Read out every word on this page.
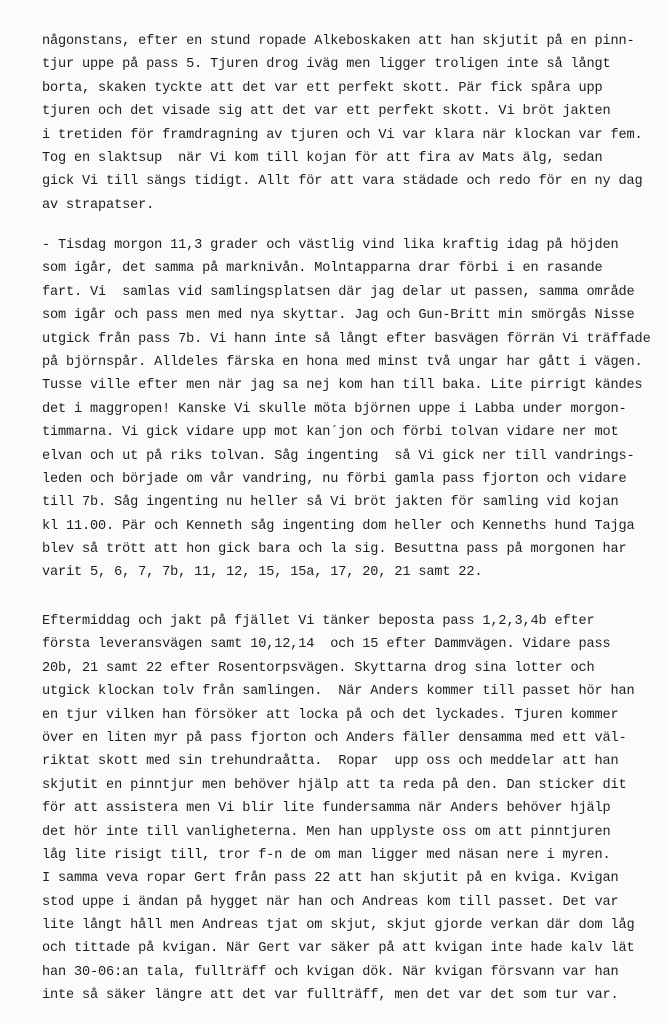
någonstans, efter en stund ropade Alkeboskaken att han skjutit på en pinn-
tjur uppe på pass 5. Tjuren drog iväg men ligger troligen inte så långt
borta, skaken tyckte att det var ett perfekt skott. Pär fick spåra upp
tjuren och det visade sig att det var ett perfekt skott. Vi bröt jakten
i tretiden för framdragning av tjuren och Vi var klara när klockan var fem.
Tog en slaktsup  när Vi kom till kojan för att fira av Mats älg, sedan
gick Vi till sängs tidigt. Allt för att vara städade och redo för en ny dag
av strapatser.
- Tisdag morgon 11,3 grader och västlig vind lika kraftig idag på höjden
som igår, det samma på marknivån. Molntapparna drar förbi i en rasande
fart. Vi  samlas vid samlingsplatsen där jag delar ut passen, samma område
som igår och pass men med nya skyttar. Jag och Gun-Britt min smörgås Nisse
utgick från pass 7b. Vi hann inte så långt efter basvägen förrän Vi träffade
på björnspår. Alldeles färska en hona med minst två ungar har gått i vägen.
Tusse ville efter men när jag sa nej kom han till baka. Lite pirrigt kändes
det i maggropen! Kanske Vi skulle möta björnen uppe i Labba under morgon-
timmarna. Vi gick vidare upp mot kan´jon och förbi tolvan vidare ner mot
elvan och ut på riks tolvan. Såg ingenting  så Vi gick ner till vandrings-
leden och började om vår vandring, nu förbi gamla pass fjorton och vidare
till 7b. Såg ingenting nu heller så Vi bröt jakten för samling vid kojan
kl 11.00. Pär och Kenneth såg ingenting dom heller och Kenneths hund Tajga
blev så trött att hon gick bara och la sig. Besuttna pass på morgonen har
varit 5, 6, 7, 7b, 11, 12, 15, 15a, 17, 20, 21 samt 22.
Eftermiddag och jakt på fjället Vi tänker beposta pass 1,2,3,4b efter
första leveransvägen samt 10,12,14  och 15 efter Dammvägen. Vidare pass
20b, 21 samt 22 efter Rosentorpsvägen. Skyttarna drog sina lotter och
utgick klockan tolv från samlingen.  När Anders kommer till passet hör han
en tjur vilken han försöker att locka på och det lyckades. Tjuren kommer
över en liten myr på pass fjorton och Anders fäller densamma med ett väl-
riktat skott med sin trehundraåtta.  Ropar  upp oss och meddelar att han
skjutit en pinntjur men behöver hjälp att ta reda på den. Dan sticker dit
för att assistera men Vi blir lite fundersamma när Anders behöver hjälp
det hör inte till vanligheterna. Men han upplyste oss om att pinntjuren
låg lite risigt till, tror f-n de om man ligger med näsan nere i myren.
I samma veva ropar Gert från pass 22 att han skjutit på en kviga. Kvigan
stod uppe i ändan på hygget när han och Andreas kom till passet. Det var
lite långt håll men Andreas tjat om skjut, skjut gjorde verkan där dom låg
och tittade på kvigan. När Gert var säker på att kvigan inte hade kalv lät
han 30-06:an tala, fullträff och kvigan dök. När kvigan försvann var han
inte så säker längre att det var fullträff, men det var det som tur var.
